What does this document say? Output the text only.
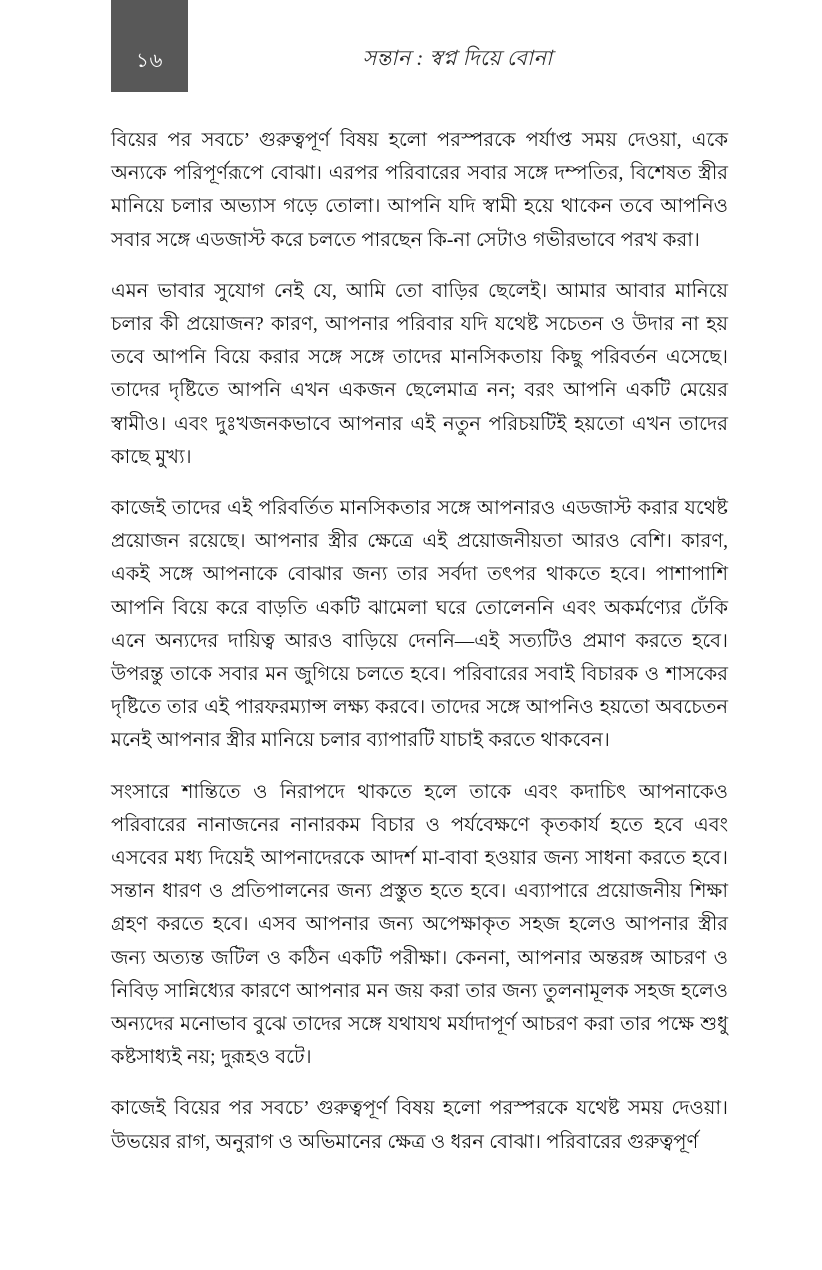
১৬	সন্তান : স্বপ্ন দিয়ে বোনা

বিয়ের পর সবচে’ গুরুত্বপূর্ণ বিষয় হলো পরস্পরকে পর্যাপ্ত সময় দেওয়া, একে অন্যকে পরিপূর্ণরূপে বোঝা। এরপর পরিবারের সবার সঙ্গে দম্পতির, বিশেষত স্ত্রীর মানিয়ে চলার অভ্যাস গড়ে তোলা। আপনি যদি স্বামী হয়ে থাকেন তবে আপনিও সবার সঙ্গে এডজাস্ট করে চলতে পারছেন কি-না সেটাও গভীরভাবে পরখ করা।

এমন ভাবার সুযোগ নেই যে, আমি তো বাড়ির ছেলেই। আমার আবার মানিয়ে চলার কী প্রয়োজন? কারণ, আপনার পরিবার যদি যথেষ্ট সচেতন ও উদার না হয় তবে আপনি বিয়ে করার সঙ্গে সঙ্গে তাদের মানসিকতায় কিছু পরিবর্তন এসেছে। তাদের দৃষ্টিতে আপনি এখন একজন ছেলেমাত্র নন; বরং আপনি একটি মেয়ের স্বামীও। এবং দুঃখজনকভাবে আপনার এই নতুন পরিচয়টিই হয়তো এখন তাদের কাছে মুখ্য।

কাজেই তাদের এই পরিবর্তিত মানসিকতার সঙ্গে আপনারও এডজাস্ট করার যথেষ্ট প্রয়োজন রয়েছে। আপনার স্ত্রীর ক্ষেত্রে এই প্রয়োজনীয়তা আরও বেশি। কারণ, একই সঙ্গে আপনাকে বোঝার জন্য তার সর্বদা তৎপর থাকতে হবে। পাশাপাশি আপনি বিয়ে করে বাড়তি একটি ঝামেলা ঘরে তোলেননি এবং অকর্মণ্যের ঢেঁকি এনে অন্যদের দায়িত্ব আরও বাড়িয়ে দেননি—এই সত্যটিও প্রমাণ করতে হবে। উপরন্তু তাকে সবার মন জুগিয়ে চলতে হবে। পরিবারের সবাই বিচারক ও শাসকের দৃষ্টিতে তার এই পারফরম্যান্স লক্ষ্য করবে। তাদের সঙ্গে আপনিও হয়তো অবচেতন মনেই আপনার স্ত্রীর মানিয়ে চলার ব্যাপারটি যাচাই করতে থাকবেন।

সংসারে শান্তিতে ও নিরাপদে থাকতে হলে তাকে এবং কদাচিৎ আপনাকেও পরিবারের নানাজনের নানারকম বিচার ও পর্যবেক্ষণে কৃতকার্য হতে হবে এবং এসবের মধ্য দিয়েই আপনাদেরকে আদর্শ মা-বাবা হওয়ার জন্য সাধনা করতে হবে। সন্তান ধারণ ও প্রতিপালনের জন্য প্রস্তুত হতে হবে। এব্যাপারে প্রয়োজনীয় শিক্ষা গ্রহণ করতে হবে। এসব আপনার জন্য অপেক্ষাকৃত সহজ হলেও আপনার স্ত্রীর জন্য অত্যন্ত জটিল ও কঠিন একটি পরীক্ষা। কেননা, আপনার অন্তরঙ্গ আচরণ ও নিবিড় সান্নিধ্যের কারণে আপনার মন জয় করা তার জন্য তুলনামূলক সহজ হলেও অন্যদের মনোভাব বুঝে তাদের সঙ্গে যথাযথ মর্যাদাপূর্ণ আচরণ করা তার পক্ষে শুধু কষ্টসাধ্যই নয়; দুরূহও বটে।

কাজেই বিয়ের পর সবচে’ গুরুত্বপূর্ণ বিষয় হলো পরস্পরকে যথেষ্ট সময় দেওয়া। উভয়ের রাগ, অনুরাগ ও অভিমানের ক্ষেত্র ও ধরন বোঝা। পরিবারের গুরুত্বপূর্ণ
